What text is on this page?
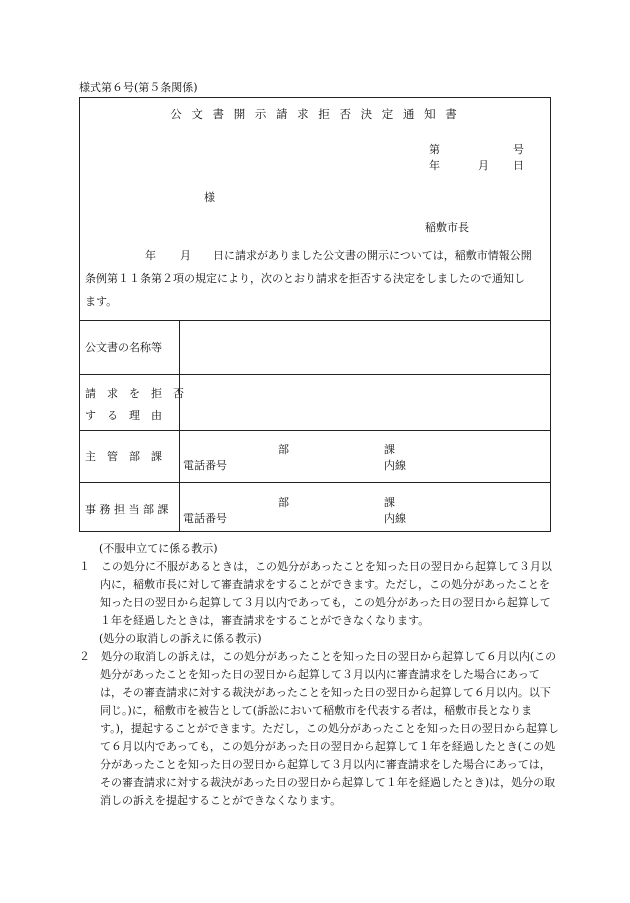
様式第６号(第５条関係)
公 文 書 開 示 請 求 拒 否 決 定 通 知 書
第	号
年	月 日
様
稲敷市長
年 月 日に請求がありました公文書の開示については，稲敷市情報公開
条例第１１条第２項の規定により，次のとおり請求を拒否する決定をしましたので通知し
ます。
公文書の名称等
請　求　を　拒　否
す　る　理　由
主　管　部　課
部	課
電話番号	内線
事 務 担 当 部 課
部	課
電話番号	内線

(不服申立てに係る教示)

１　この処分に不服があるときは，この処分があったことを知った日の翌日から起算して３月以内に，稲敷市長に対して審査請求をすることができます。ただし，この処分があったことを知った日の翌日から起算して３月以内であっても，この処分があった日の翌日から起算して１年を経過したときは，審査請求をすることができなくなります。

(処分の取消しの訴えに係る教示)

２　処分の取消しの訴えは，この処分があったことを知った日の翌日から起算して６月以内(この処分があったことを知った日の翌日から起算して３月以内に審査請求をした場合にあっては，その審査請求に対する裁決があったことを知った日の翌日から起算して６月以内。以下同じ。)に，稲敷市を被告として(訴訟において稲敷市を代表する者は，稲敷市長となります。)，提起することができます。ただし，この処分があったことを知った日の翌日から起算して６月以内であっても，この処分があった日の翌日から起算して１年を経過したとき(この処分があったことを知った日の翌日から起算して３月以内に審査請求をした場合にあっては，その審査請求に対する裁決があった日の翌日から起算して１年を経過したとき)は，処分の取消しの訴えを提起することができなくなります。
